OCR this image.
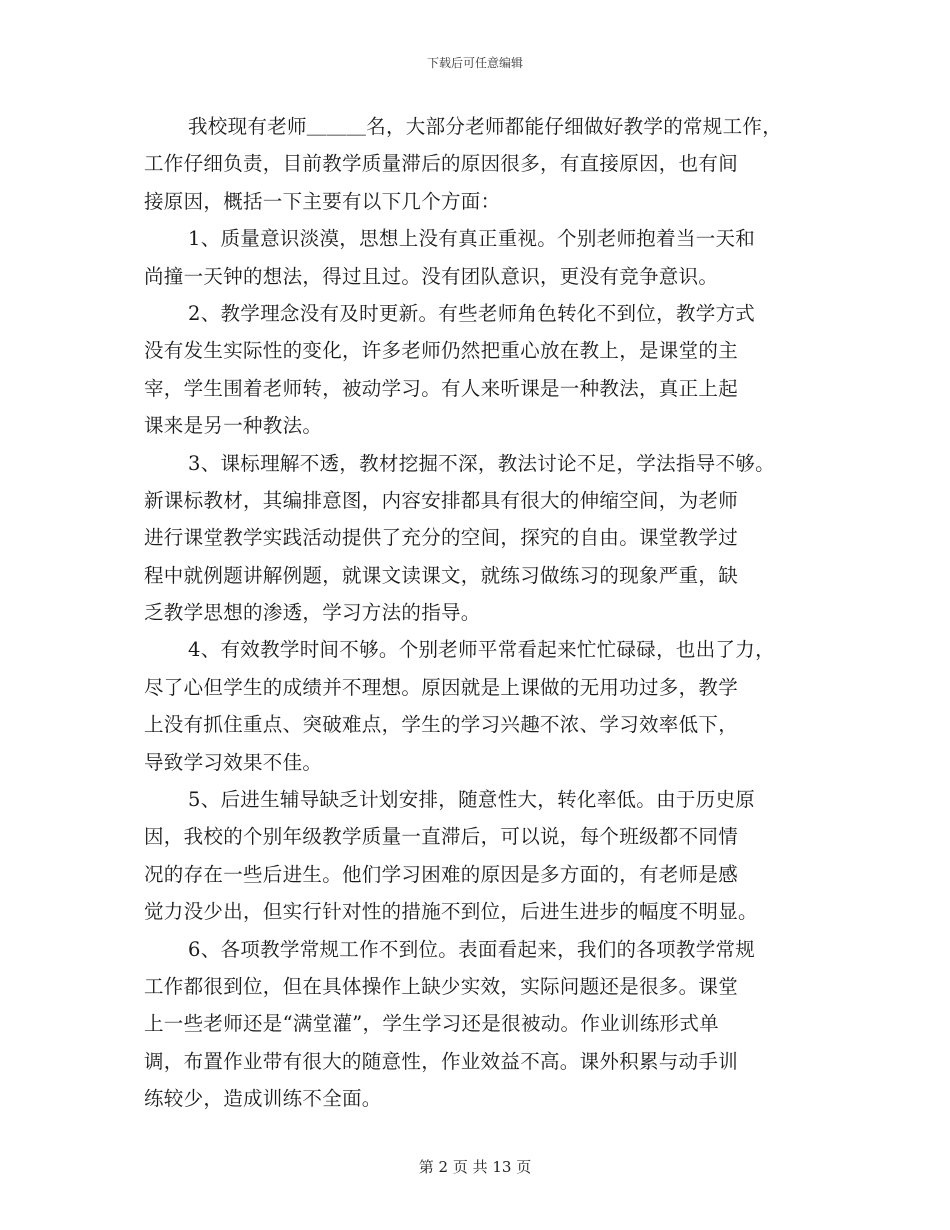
下载后可任意编辑
我校现有老师＿＿＿名，大部分老师都能仔细做好教学的常规工作，
工作仔细负责，目前教学质量滞后的原因很多，有直接原因，也有间
接原因，概括一下主要有以下几个方面：
1、质量意识淡漠，思想上没有真正重视。个别老师抱着当一天和
尚撞一天钟的想法，得过且过。没有团队意识，更没有竞争意识。
2、教学理念没有及时更新。有些老师角色转化不到位，教学方式
没有发生实际性的变化，许多老师仍然把重心放在教上，是课堂的主
宰，学生围着老师转，被动学习。有人来听课是一种教法，真正上起
课来是另一种教法。
3、课标理解不透，教材挖掘不深，教法讨论不足，学法指导不够。
新课标教材，其编排意图，内容安排都具有很大的伸缩空间，为老师
进行课堂教学实践活动提供了充分的空间，探究的自由。课堂教学过
程中就例题讲解例题，就课文读课文，就练习做练习的现象严重，缺
乏教学思想的渗透，学习方法的指导。
4、有效教学时间不够。个别老师平常看起来忙忙碌碌，也出了力，
尽了心但学生的成绩并不理想。原因就是上课做的无用功过多，教学
上没有抓住重点、突破难点，学生的学习兴趣不浓、学习效率低下，
导致学习效果不佳。
5、后进生辅导缺乏计划安排，随意性大，转化率低。由于历史原
因，我校的个别年级教学质量一直滞后，可以说，每个班级都不同情
况的存在一些后进生。他们学习困难的原因是多方面的，有老师是感
觉力没少出，但实行针对性的措施不到位，后进生进步的幅度不明显。
6、各项教学常规工作不到位。表面看起来，我们的各项教学常规
工作都很到位，但在具体操作上缺少实效，实际问题还是很多。课堂
上一些老师还是“满堂灌”，学生学习还是很被动。作业训练形式单
调，布置作业带有很大的随意性，作业效益不高。课外积累与动手训
练较少，造成训练不全面。
第 2 页 共 13 页
